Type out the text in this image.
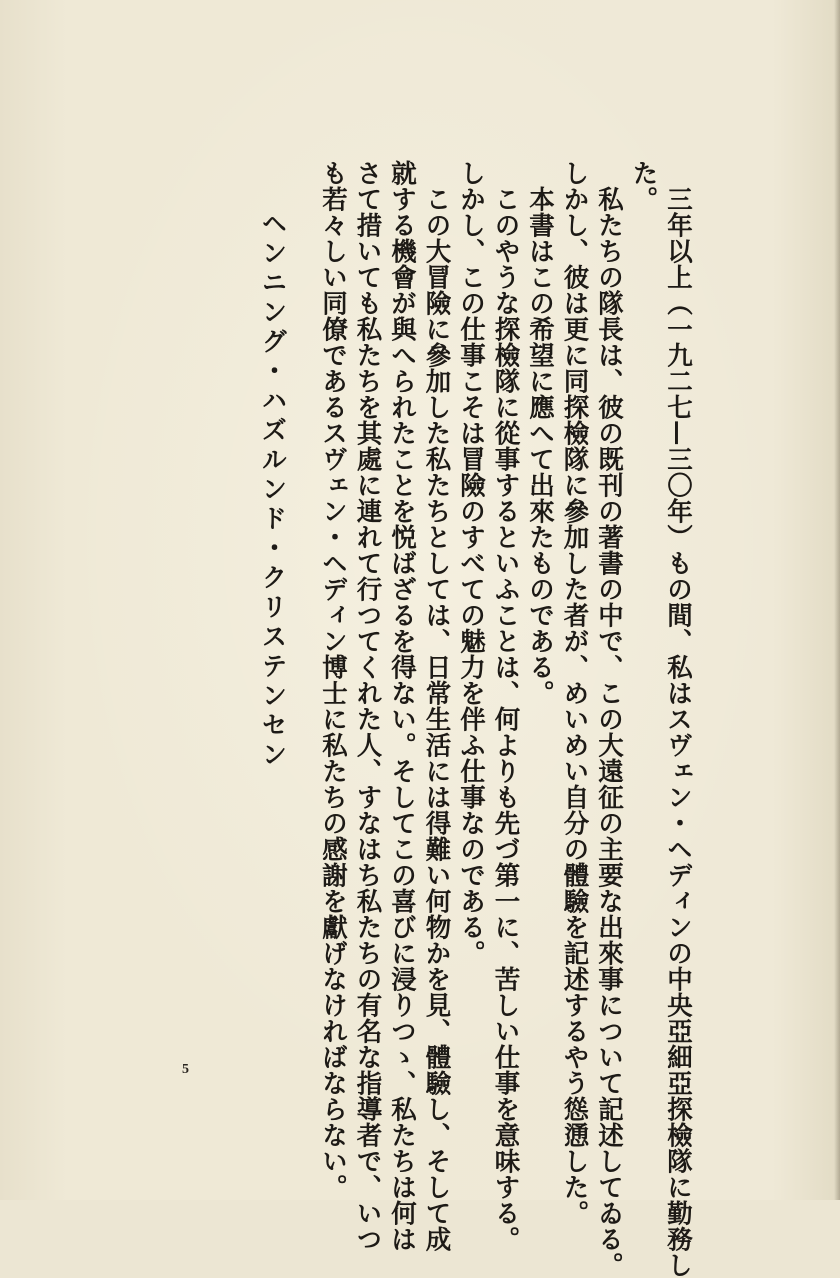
三年以上（一九二七—三〇年）もの間、私はスヴェン・ヘディンの中央亞細亞探檢隊に勤務し
た。
私たちの隊長は、彼の既刊の著書の中で、この大遠征の主要な出來事について記述してゐる。
しかし、彼は更に同探檢隊に參加した者が、めいめい自分の體驗を記述するやう慫慂した。
本書はこの希望に應へて出來たものである。
このやうな探檢隊に從事するといふことは、何よりも先づ第一に、苦しい仕事を意味する。
しかし、この仕事こそは冒險のすべての魅力を伴ふ仕事なのである。
この大冒險に參加した私たちとしては、日常生活には得難い何物かを見、體驗し、そして成
就する機會が與へられたことを悦ばざるを得ない。そしてこの喜びに浸りつゝ、私たちは何は
さて措いても私たちを其處に連れて行つてくれた人、すなはち私たちの有名な指導者で、いつ
も若々しい同僚であるスヴェン・ヘディン博士に私たちの感謝を獻げなければならない。
ヘンニング・ハズルンド・クリステンセン
5
